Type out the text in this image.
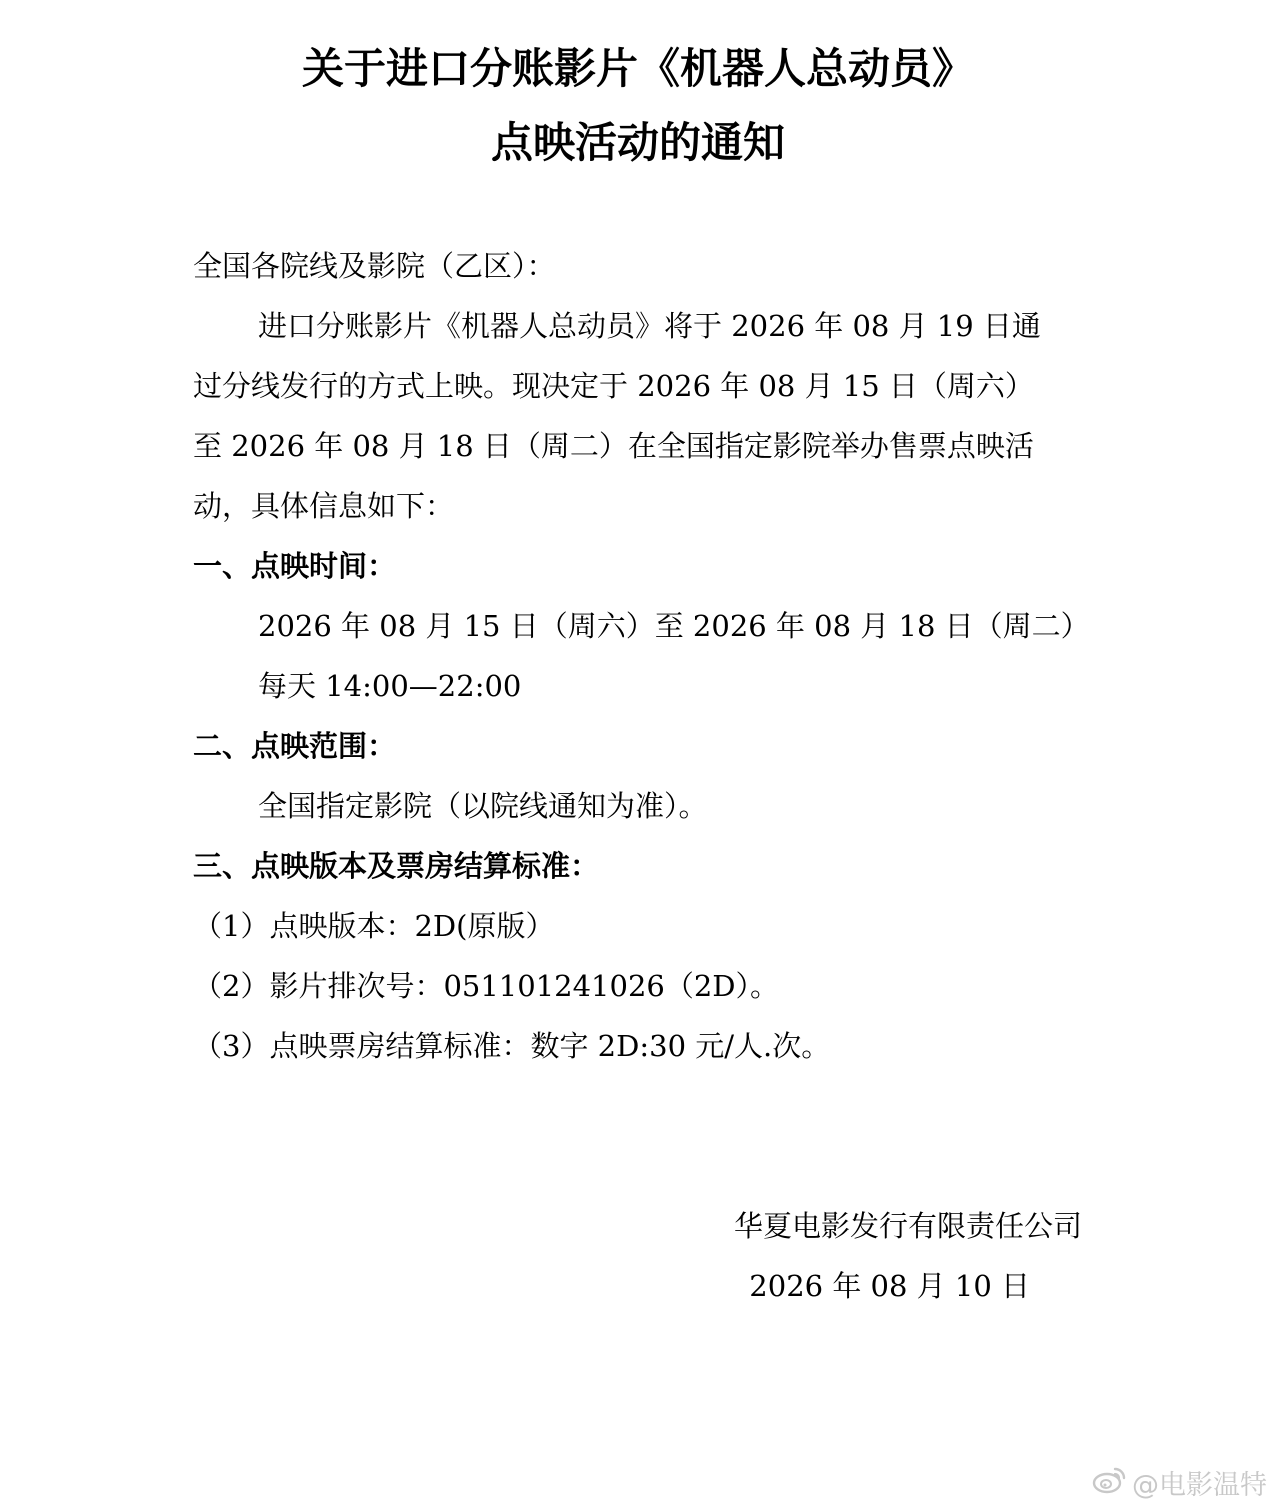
关于进口分账影片《机器人总动员》
点映活动的通知
全国各院线及影院（乙区）：
进口分账影片《机器人总动员》将于 2026 年 08 月 19 日通
过分线发行的方式上映。现决定于 2026 年 08 月 15 日（周六）
至 2026 年 08 月 18 日（周二）在全国指定影院举办售票点映活
动，具体信息如下：
一、点映时间：
2026 年 08 月 15 日（周六）至 2026 年 08 月 18 日（周二）
每天 14:00—22:00
二、点映范围：
全国指定影院（以院线通知为准）。
三、点映版本及票房结算标准：
（1）点映版本：2D(原版）
（2）影片排次号：051101241026（2D）。
（3）点映票房结算标准：数字 2D:30 元/人.次。
华夏电影发行有限责任公司
2026 年 08 月 10 日
@电影温特
